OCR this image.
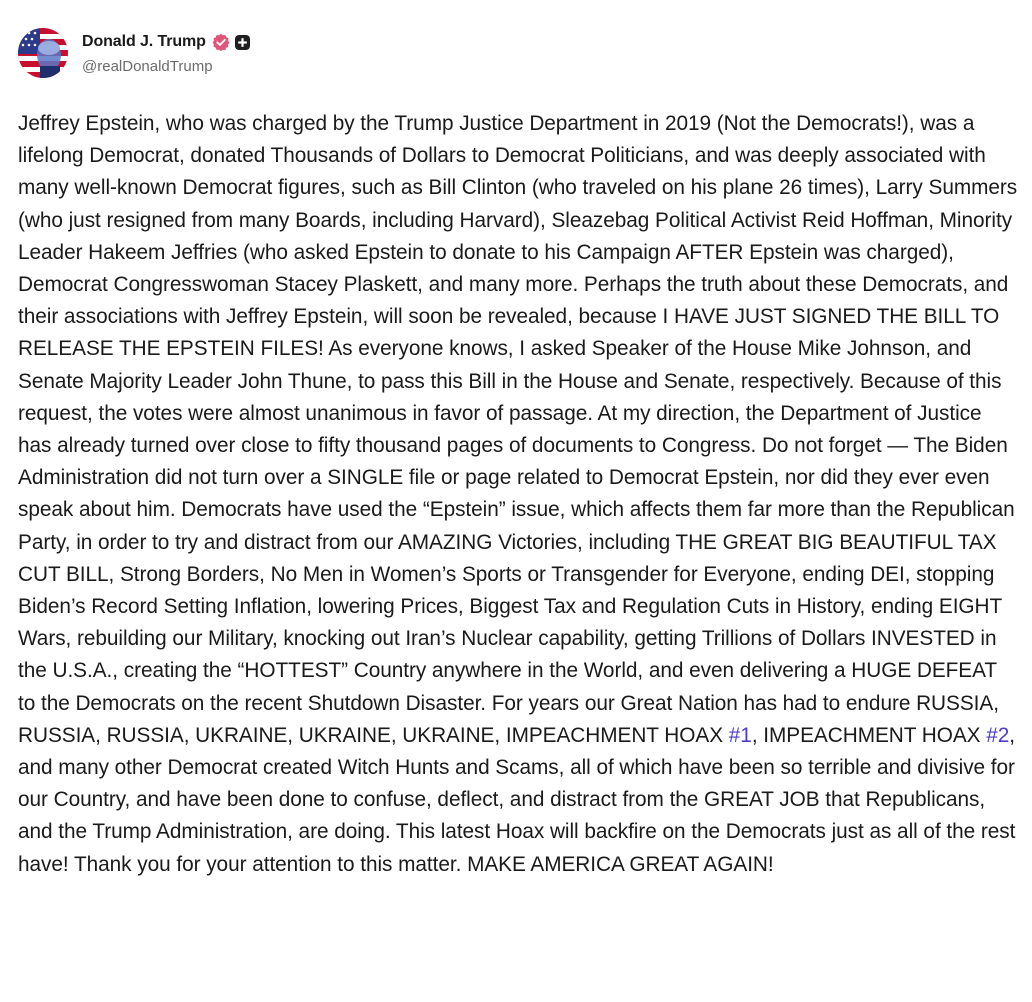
Donald J. Trump
@realDonaldTrump

Jeffrey Epstein, who was charged by the Trump Justice Department in 2019 (Not the Democrats!), was a lifelong Democrat, donated Thousands of Dollars to Democrat Politicians, and was deeply associated with many well-known Democrat figures, such as Bill Clinton (who traveled on his plane 26 times), Larry Summers (who just resigned from many Boards, including Harvard), Sleazebag Political Activist Reid Hoffman, Minority Leader Hakeem Jeffries (who asked Epstein to donate to his Campaign AFTER Epstein was charged), Democrat Congresswoman Stacey Plaskett, and many more. Perhaps the truth about these Democrats, and their associations with Jeffrey Epstein, will soon be revealed, because I HAVE JUST SIGNED THE BILL TO RELEASE THE EPSTEIN FILES! As everyone knows, I asked Speaker of the House Mike Johnson, and Senate Majority Leader John Thune, to pass this Bill in the House and Senate, respectively. Because of this request, the votes were almost unanimous in favor of passage. At my direction, the Department of Justice has already turned over close to fifty thousand pages of documents to Congress. Do not forget — The Biden Administration did not turn over a SINGLE file or page related to Democrat Epstein, nor did they ever even speak about him. Democrats have used the “Epstein” issue, which affects them far more than the Republican Party, in order to try and distract from our AMAZING Victories, including THE GREAT BIG BEAUTIFUL TAX CUT BILL, Strong Borders, No Men in Women’s Sports or Transgender for Everyone, ending DEI, stopping Biden’s Record Setting Inflation, lowering Prices, Biggest Tax and Regulation Cuts in History, ending EIGHT Wars, rebuilding our Military, knocking out Iran’s Nuclear capability, getting Trillions of Dollars INVESTED in the U.S.A., creating the “HOTTEST” Country anywhere in the World, and even delivering a HUGE DEFEAT to the Democrats on the recent Shutdown Disaster. For years our Great Nation has had to endure RUSSIA, RUSSIA, RUSSIA, UKRAINE, UKRAINE, UKRAINE, IMPEACHMENT HOAX #1, IMPEACHMENT HOAX #2, and many other Democrat created Witch Hunts and Scams, all of which have been so terrible and divisive for our Country, and have been done to confuse, deflect, and distract from the GREAT JOB that Republicans, and the Trump Administration, are doing. This latest Hoax will backfire on the Democrats just as all of the rest have! Thank you for your attention to this matter. MAKE AMERICA GREAT AGAIN!
